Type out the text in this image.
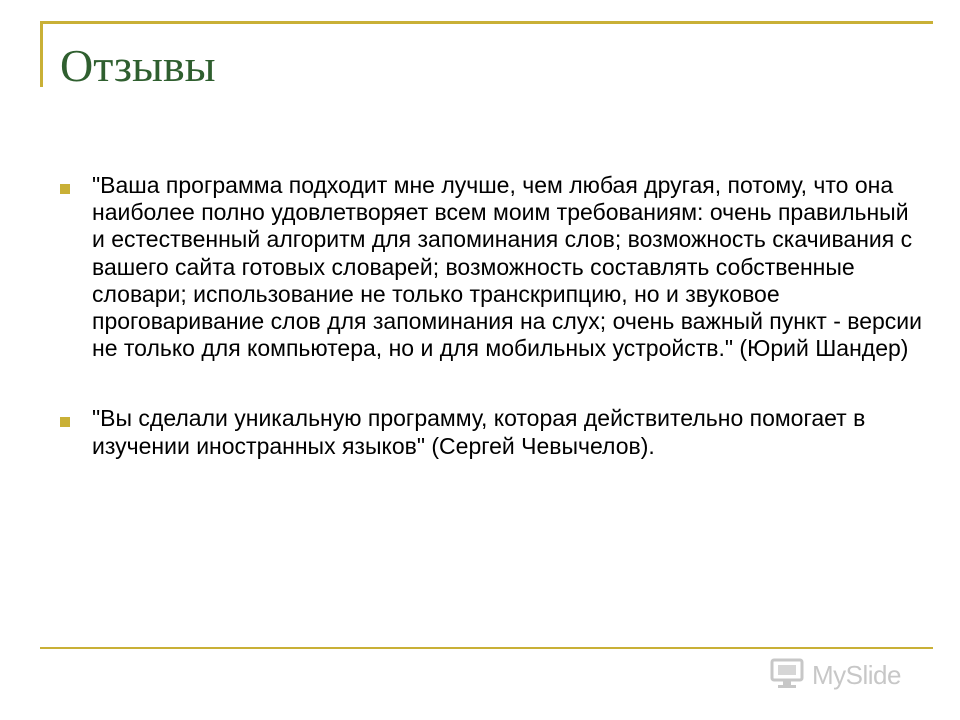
Отзывы
"Ваша программа подходит мне лучше, чем любая другая, потому, что она наиболее полно удовлетворяет всем моим требованиям: очень правильный и естественный алгоритм для запоминания слов; возможность скачивания с вашего сайта готовых словарей; возможность составлять собственные словари; использование не только транскрипцию, но и звуковое проговаривание слов для запоминания на слух; очень важный пункт - версии не только для компьютера, но и для мобильных устройств." (Юрий Шандер)
"Вы сделали уникальную программу, которая действительно помогает в изучении иностранных языков" (Сергей Чевычелов).
MySlide
